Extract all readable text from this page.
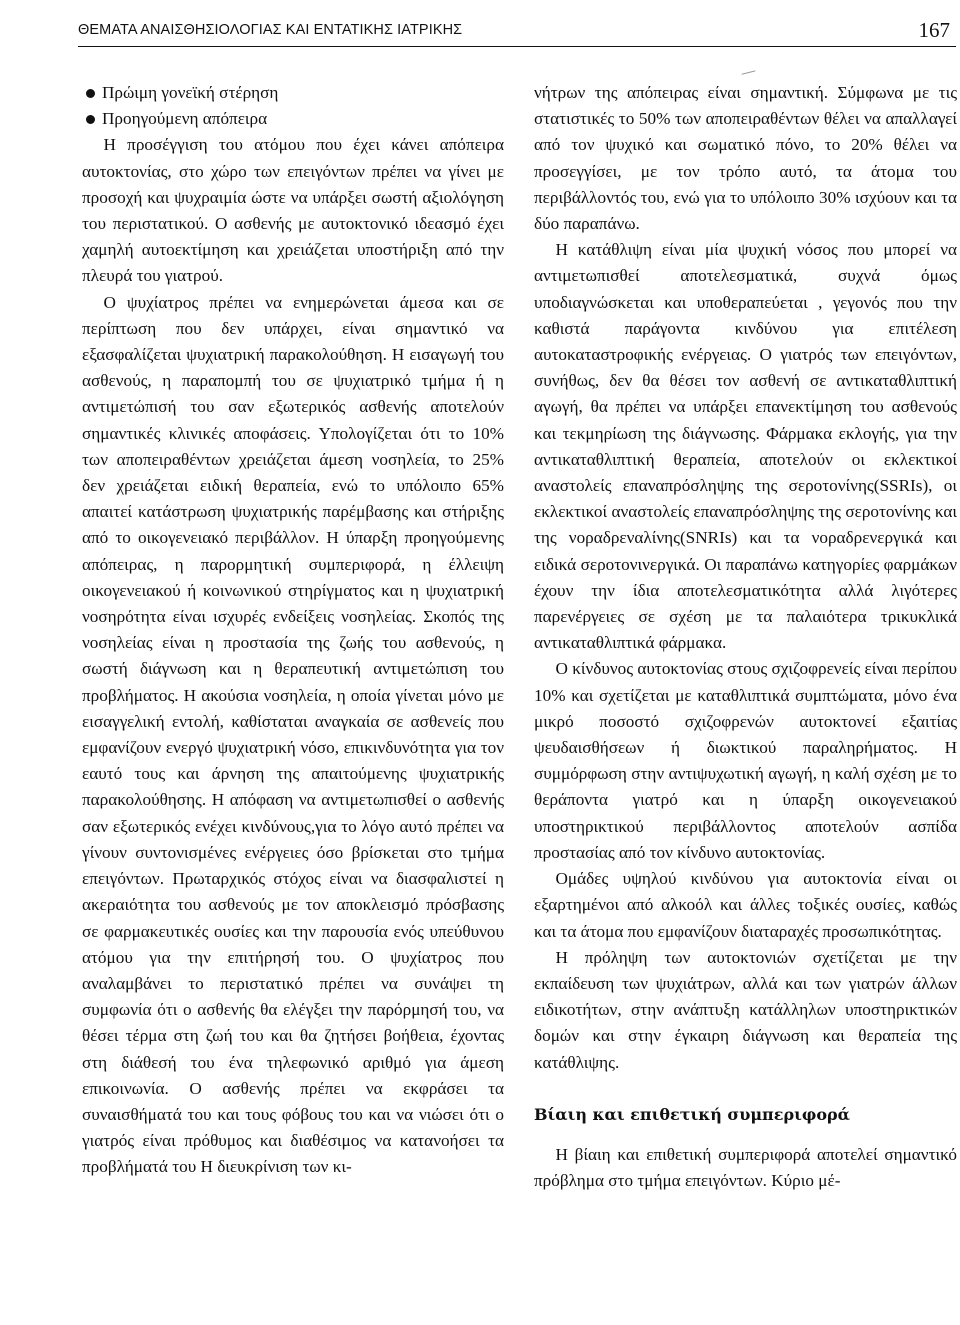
ΘΕΜΑΤΑ ΑΝΑΙΣΘΗΣΙΟΛΟΓΙΑΣ ΚΑΙ ΕΝΤΑΤΙΚΗΣ ΙΑΤΡΙΚΗΣ	167
Πρώιμη γονεϊκή στέρηση
Προηγούμενη απόπειρα

Η προσέγγιση του ατόμου που έχει κάνει απόπειρα αυτοκτονίας, στο χώρο των επειγόντων πρέπει να γίνει με προσοχή και ψυχραιμία ώστε να υπάρξει σωστή αξιολόγηση του περιστατικού. Ο ασθενής με αυτοκτονικό ιδεασμό έχει χαμηλή αυτοεκτίμηση και χρειάζεται υποστήριξη από την πλευρά του γιατρού.

Ο ψυχίατρος πρέπει να ενημερώνεται άμεσα και σε περίπτωση που δεν υπάρχει, είναι σημαντικό να εξασφαλίζεται ψυχιατρική παρακολούθηση. Η εισαγωγή του ασθενούς, η παραπομπή του σε ψυχιατρικό τμήμα ή η αντιμετώπισή του σαν εξωτερικός ασθενής αποτελούν σημαντικές κλινικές αποφάσεις. Υπολογίζεται ότι το 10% των αποπειραθέντων χρειάζεται άμεση νοσηλεία, το 25% δεν χρειάζεται ειδική θεραπεία, ενώ το υπόλοιπο 65% απαιτεί κατάστρωση ψυχιατρικής παρέμβασης και στήριξης από το οικογενειακό περιβάλλον. Η ύπαρξη προηγούμενης απόπειρας, η παρορμητική συμπεριφορά, η έλλειψη οικογενειακού ή κοινωνικού στηρίγματος και η ψυχιατρική νοσηρότητα είναι ισχυρές ενδείξεις νοσηλείας. Σκοπός της νοσηλείας είναι η προστασία της ζωής του ασθενούς, η σωστή διάγνωση και η θεραπευτική αντιμετώπιση του προβλήματος. Η ακούσια νοσηλεία, η οποία γίνεται μόνο με εισαγγελική εντολή, καθίσταται αναγκαία σε ασθενείς που εμφανίζουν ενεργό ψυχιατρική νόσο, επικινδυνότητα για τον εαυτό τους και άρνηση της απαιτούμενης ψυχιατρικής παρακολούθησης. Η απόφαση να αντιμετωπισθεί ο ασθενής σαν εξωτερικός ενέχει κινδύνους,για το λόγο αυτό πρέπει να γίνουν συντονισμένες ενέργειες όσο βρίσκεται στο τμήμα επειγόντων. Πρωταρχικός στόχος είναι να διασφαλιστεί η ακεραιότητα του ασθενούς με τον αποκλεισμό πρόσβασης σε φαρμακευτικές ουσίες και την παρουσία ενός υπεύθυνου ατόμου για την επιτήρησή του. Ο ψυχίατρος που αναλαμβάνει το περιστατικό πρέπει να συνάψει τη συμφωνία ότι ο ασθενής θα ελέγξει την παρόρμησή του, να θέσει τέρμα στη ζωή του και θα ζητήσει βοήθεια, έχοντας στη διάθεσή του ένα τηλεφωνικό αριθμό για άμεση επικοινωνία. Ο ασθενής πρέπει να εκφράσει τα συναισθήματά του και τους φόβους του και να νιώσει ότι ο γιατρός είναι πρόθυμος και διαθέσιμος να κατανοήσει τα προβλήματά του Η διευκρίνιση των κι-

νήτρων της απόπειρας είναι σημαντική. Σύμφωνα με τις στατιστικές το 50% των αποπειραθέντων θέλει να απαλλαγεί από τον ψυχικό και σωματικό πόνο, το 20% θέλει να προσεγγίσει, με τον τρόπο αυτό, τα άτομα του περιβάλλοντός του, ενώ για το υπόλοιπο 30% ισχύουν και τα δύο παραπάνω.

Η κατάθλιψη είναι μία ψυχική νόσος που μπορεί να αντιμετωπισθεί αποτελεσματικά, συχνά όμως υποδιαγνώσκεται και υποθεραπεύεται , γεγονός που την καθιστά παράγοντα κινδύνου για επιτέλεση αυτοκαταστροφικής ενέργειας. Ο γιατρός των επειγόντων, συνήθως, δεν θα θέσει τον ασθενή σε αντικαταθλιπτική αγωγή, θα πρέπει να υπάρξει επανεκτίμηση του ασθενούς και τεκμηρίωση της διάγνωσης. Φάρμακα εκλογής, για την αντικαταθλιπτική θεραπεία, αποτελούν οι εκλεκτικοί αναστολείς επαναπρόσληψης της σεροτονίνης(SSRIs), οι εκλεκτικοί αναστολείς επαναπρόσληψης της σεροτονίνης και της νοραδρεναλίνης(SNRIs) και τα νοραδρενεργικά και ειδικά σεροτονινεργικά. Οι παραπάνω κατηγορίες φαρμάκων έχουν την ίδια αποτελεσματικότητα αλλά λιγότερες παρενέργειες σε σχέση με τα παλαιότερα τρικυκλικά αντικαταθλιπτικά φάρμακα.

Ο κίνδυνος αυτοκτονίας στους σχιζοφρενείς είναι περίπου 10% και σχετίζεται με καταθλιπτικά συμπτώματα, μόνο ένα μικρό ποσοστό σχιζοφρενών αυτοκτονεί εξαιτίας ψευδαισθήσεων ή διωκτικού παραληρήματος. Η συμμόρφωση στην αντιψυχωτική αγωγή, η καλή σχέση με το θεράποντα γιατρό και η ύπαρξη οικογενειακού υποστηρικτικού περιβάλλοντος αποτελούν ασπίδα προστασίας από τον κίνδυνο αυτοκτονίας.

Ομάδες υψηλού κινδύνου για αυτοκτονία είναι οι εξαρτημένοι από αλκοόλ και άλλες τοξικές ουσίες, καθώς και τα άτομα που εμφανίζουν διαταραχές προσωπικότητας.

Η πρόληψη των αυτοκτονιών σχετίζεται με την εκπαίδευση των ψυχιάτρων, αλλά και των γιατρών άλλων ειδικοτήτων, στην ανάπτυξη κατάλληλων υποστηρικτικών δομών και στην έγκαιρη διάγνωση και θεραπεία της κατάθλιψης.

Βίαιη και επιθετική συμπεριφορά

Η βίαιη και επιθετική συμπεριφορά αποτελεί σημαντικό πρόβλημα στο τμήμα επειγόντων. Κύριο μέ-
